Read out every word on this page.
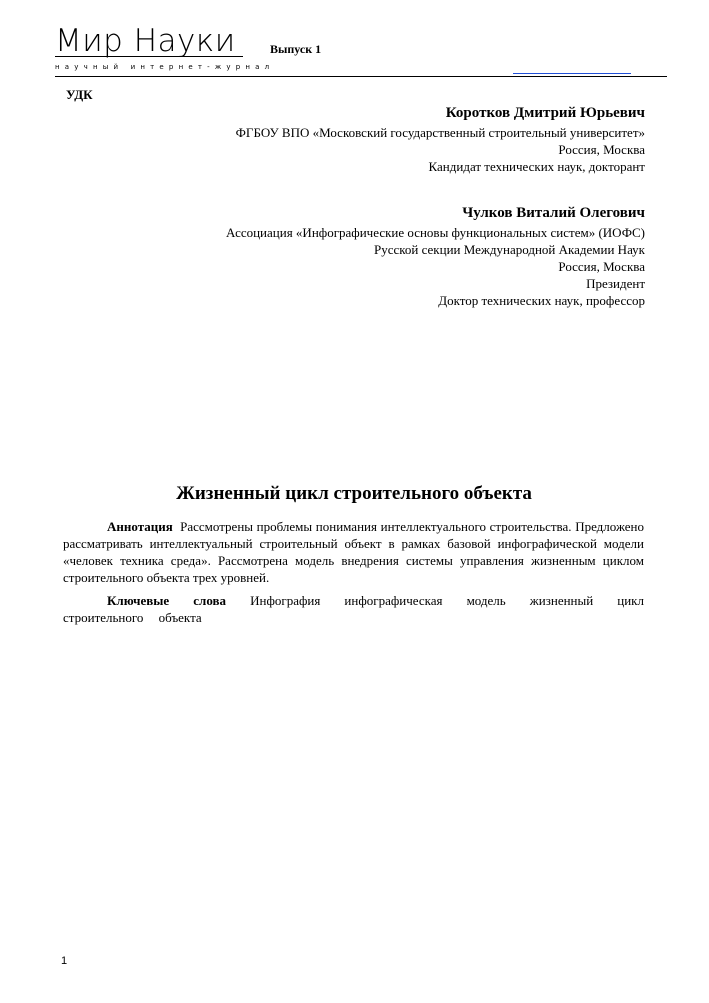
Мир Науки
научный интернет-журнал
Выпуск 1
УДК
Коротков Дмитрий Юрьевич
ФГБОУ ВПО «Московский государственный строительный университет»
Россия, Москва
Кандидат технических наук, докторант
Чулков Виталий Олегович
Ассоциация «Инфографические основы функциональных систем» (ИОФС)
Русской секции Международной Академии Наук
Россия, Москва
Президент
Доктор технических наук, профессор
Жизненный цикл строительного объекта
Аннотация Рассмотрены проблемы понимания интеллектуального строительства. Предложено рассматривать интеллектуальный строительный объект в рамках базовой инфографической модели «человек техника среда». Рассмотрена модель внедрения системы управления жизненным циклом строительного объекта трех уровней.
Ключевые слова Инфография инфографическая модель жизненный цикл строительного объекта
1
